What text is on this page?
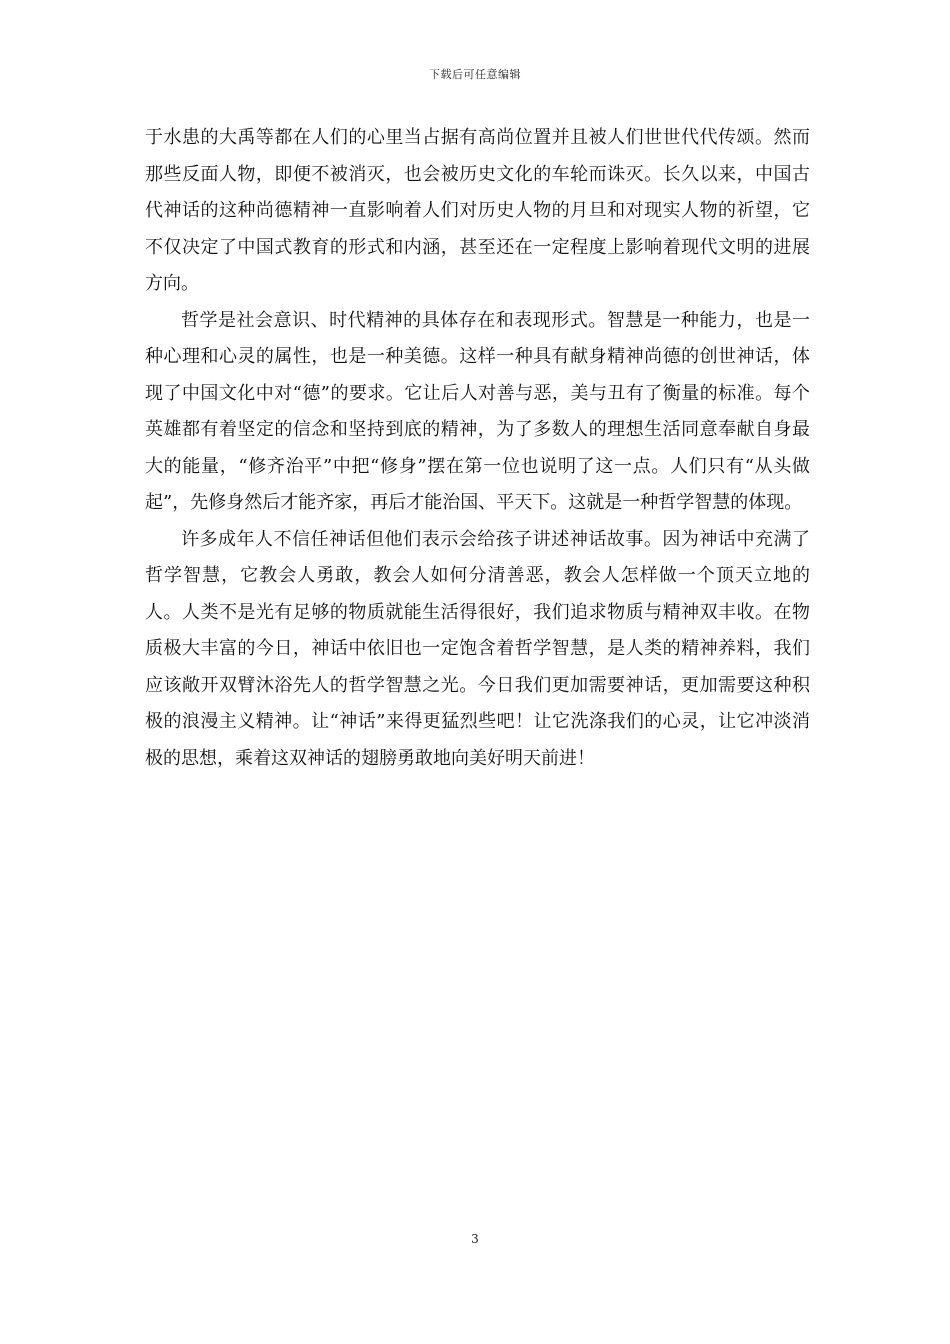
下载后可任意编辑

于水患的大禹等都在人们的心里当占据有高尚位置并且被人们世世代代传颂。然而那些反面人物，即便不被消灭，也会被历史文化的车轮而诛灭。长久以来，中国古代神话的这种尚德精神一直影响着人们对历史人物的月旦和对现实人物的祈望，它不仅决定了中国式教育的形式和内涵，甚至还在一定程度上影响着现代文明的进展方向。

哲学是社会意识、时代精神的具体存在和表现形式。智慧是一种能力，也是一种心理和心灵的属性，也是一种美德。这样一种具有献身精神尚德的创世神话，体现了中国文化中对“德”的要求。它让后人对善与恶，美与丑有了衡量的标准。每个英雄都有着坚定的信念和坚持到底的精神，为了多数人的理想生活同意奉献自身最大的能量，“修齐治平”中把“修身”摆在第一位也说明了这一点。人们只有“从头做起”，先修身然后才能齐家，再后才能治国、平天下。这就是一种哲学智慧的体现。

许多成年人不信任神话但他们表示会给孩子讲述神话故事。因为神话中充满了哲学智慧，它教会人勇敢，教会人如何分清善恶，教会人怎样做一个顶天立地的人。人类不是光有足够的物质就能生活得很好，我们追求物质与精神双丰收。在物质极大丰富的今日，神话中依旧也一定饱含着哲学智慧，是人类的精神养料，我们应该敞开双臂沐浴先人的哲学智慧之光。今日我们更加需要神话，更加需要这种积极的浪漫主义精神。让“神话”来得更猛烈些吧！让它洗涤我们的心灵，让它冲淡消极的思想，乘着这双神话的翅膀勇敢地向美好明天前进！

3
